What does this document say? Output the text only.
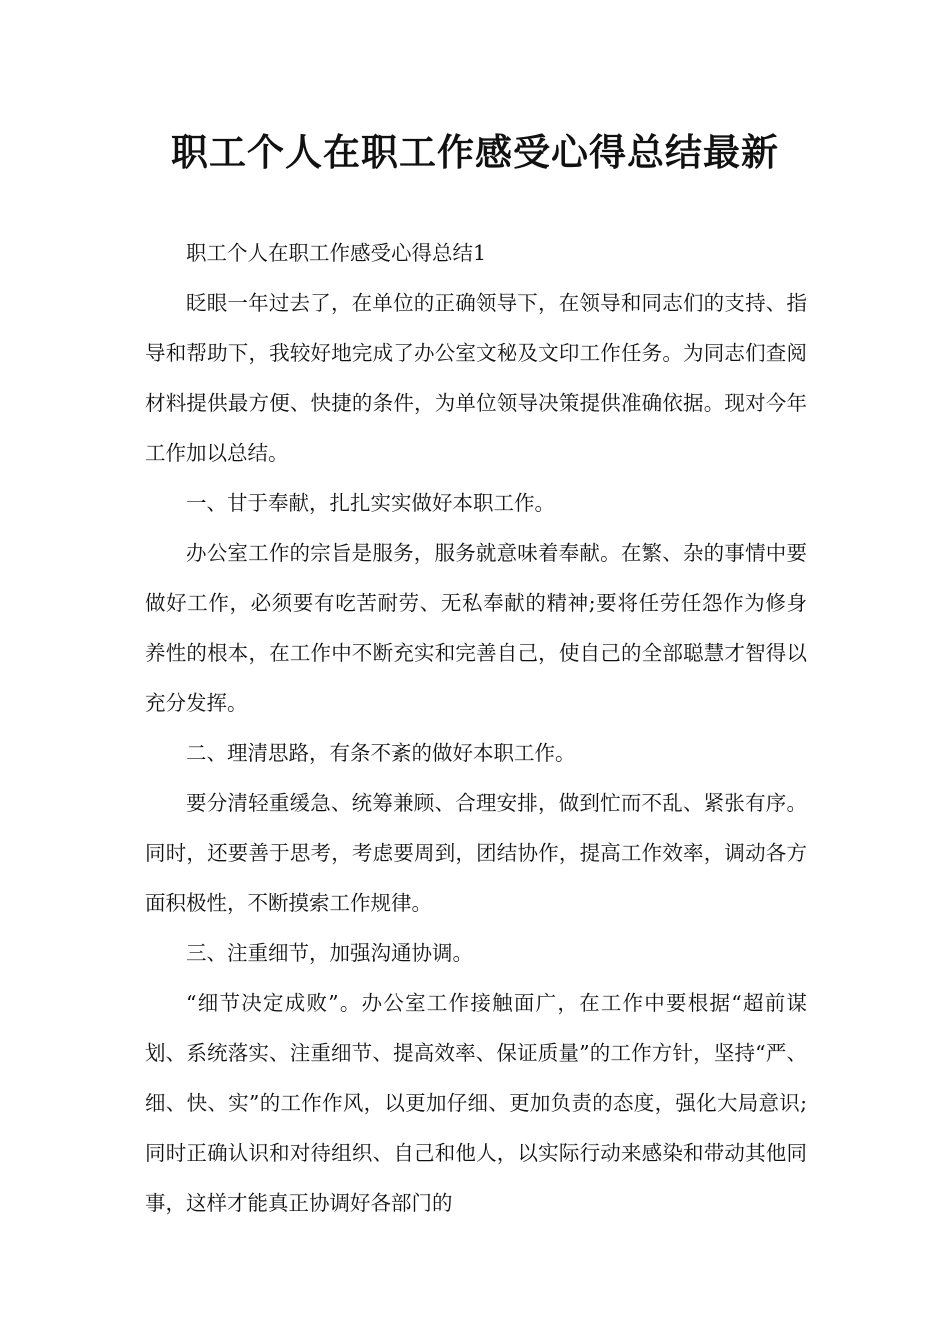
职工个人在职工作感受心得总结最新

职工个人在职工作感受心得总结1

眨眼一年过去了，在单位的正确领导下，在领导和同志们的支持、指导和帮助下，我较好地完成了办公室文秘及文印工作任务。为同志们查阅材料提供最方便、快捷的条件，为单位领导决策提供准确依据。现对今年工作加以总结。

一、甘于奉献，扎扎实实做好本职工作。

办公室工作的宗旨是服务，服务就意味着奉献。在繁、杂的事情中要做好工作，必须要有吃苦耐劳、无私奉献的精神;要将任劳任怨作为修身养性的根本，在工作中不断充实和完善自己，使自己的全部聪慧才智得以充分发挥。

二、理清思路，有条不紊的做好本职工作。

要分清轻重缓急、统筹兼顾、合理安排，做到忙而不乱、紧张有序。同时，还要善于思考，考虑要周到，团结协作，提高工作效率，调动各方面积极性，不断摸索工作规律。

三、注重细节，加强沟通协调。

“细节决定成败”。办公室工作接触面广，在工作中要根据“超前谋划、系统落实、注重细节、提高效率、保证质量”的工作方针，坚持“严、细、快、实”的工作作风，以更加仔细、更加负责的态度，强化大局意识;同时正确认识和对待组织、自己和他人，以实际行动来感染和带动其他同事，这样才能真正协调好各部门的
